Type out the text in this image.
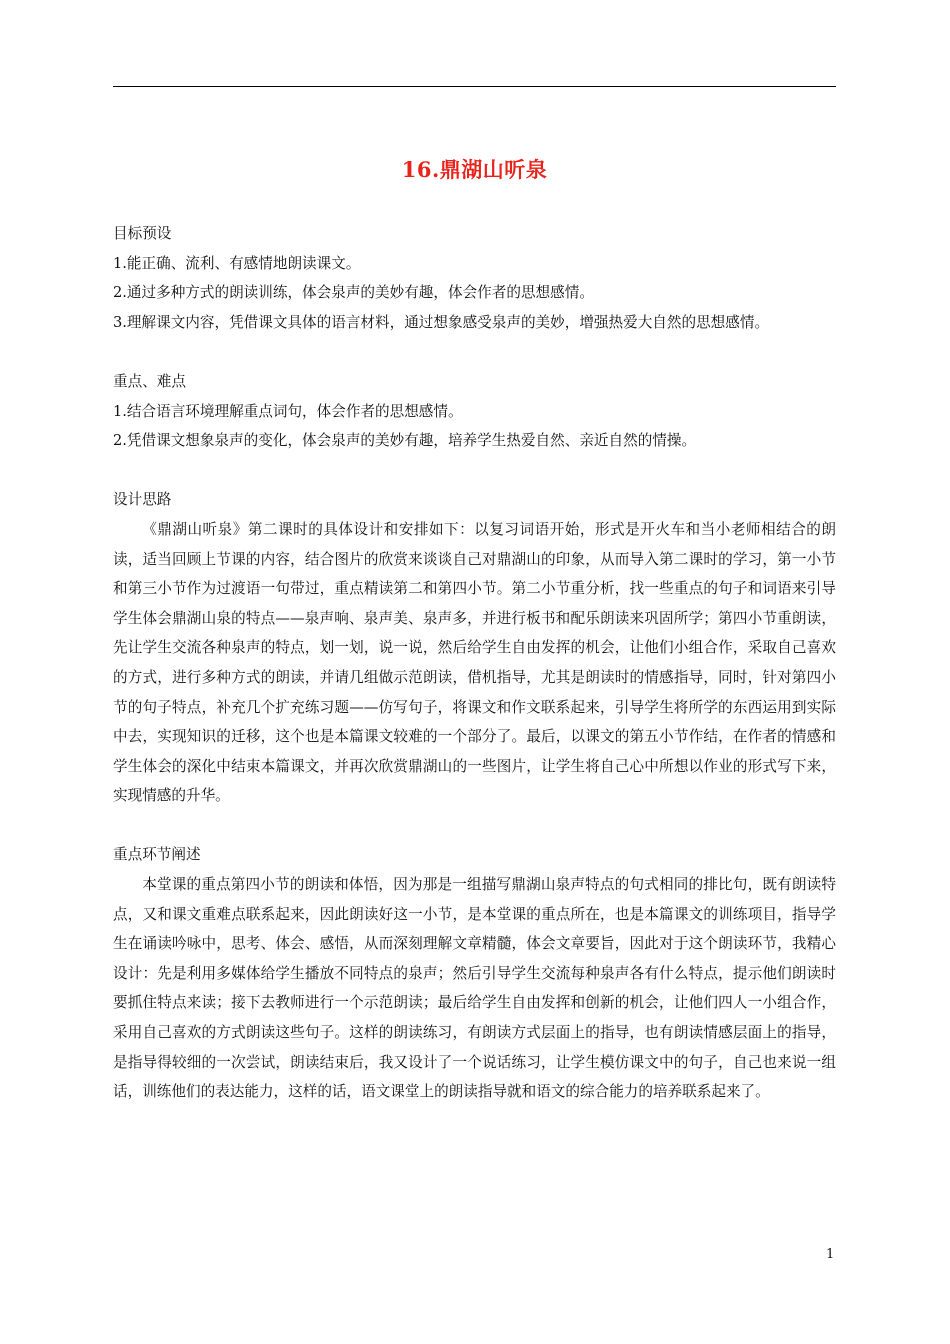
16.鼎湖山听泉

目标预设

1.能正确、流利、有感情地朗读课文。

2.通过多种方式的朗读训练，体会泉声的美妙有趣，体会作者的思想感情。

3.理解课文内容，凭借课文具体的语言材料，通过想象感受泉声的美妙，增强热爱大自然的思想感情。

重点、难点

1.结合语言环境理解重点词句，体会作者的思想感情。

2.凭借课文想象泉声的变化，体会泉声的美妙有趣，培养学生热爱自然、亲近自然的情操。

设计思路

《鼎湖山听泉》第二课时的具体设计和安排如下：以复习词语开始，形式是开火车和当小老师相结合的朗读，适当回顾上节课的内容，结合图片的欣赏来谈谈自己对鼎湖山的印象，从而导入第二课时的学习，第一小节和第三小节作为过渡语一句带过，重点精读第二和第四小节。第二小节重分析，找一些重点的句子和词语来引导学生体会鼎湖山泉的特点——泉声响、泉声美、泉声多，并进行板书和配乐朗读来巩固所学；第四小节重朗读，先让学生交流各种泉声的特点，划一划，说一说，然后给学生自由发挥的机会，让他们小组合作，采取自己喜欢的方式，进行多种方式的朗读，并请几组做示范朗读，借机指导，尤其是朗读时的情感指导，同时，针对第四小节的句子特点，补充几个扩充练习题——仿写句子，将课文和作文联系起来，引导学生将所学的东西运用到实际中去，实现知识的迁移，这个也是本篇课文较难的一个部分了。最后，以课文的第五小节作结，在作者的情感和学生体会的深化中结束本篇课文，并再次欣赏鼎湖山的一些图片，让学生将自己心中所想以作业的形式写下来，实现情感的升华。

重点环节阐述

本堂课的重点第四小节的朗读和体悟，因为那是一组描写鼎湖山泉声特点的句式相同的排比句，既有朗读特点，又和课文重难点联系起来，因此朗读好这一小节，是本堂课的重点所在，也是本篇课文的训练项目，指导学生在诵读吟咏中，思考、体会、感悟，从而深刻理解文章精髓，体会文章要旨，因此对于这个朗读环节，我精心设计：先是利用多媒体给学生播放不同特点的泉声；然后引导学生交流每种泉声各有什么特点，提示他们朗读时要抓住特点来读；接下去教师进行一个示范朗读；最后给学生自由发挥和创新的机会，让他们四人一小组合作，采用自己喜欢的方式朗读这些句子。这样的朗读练习，有朗读方式层面上的指导，也有朗读情感层面上的指导，是指导得较细的一次尝试，朗读结束后，我又设计了一个说话练习，让学生模仿课文中的句子，自己也来说一组话，训练他们的表达能力，这样的话，语文课堂上的朗读指导就和语文的综合能力的培养联系起来了。

1
